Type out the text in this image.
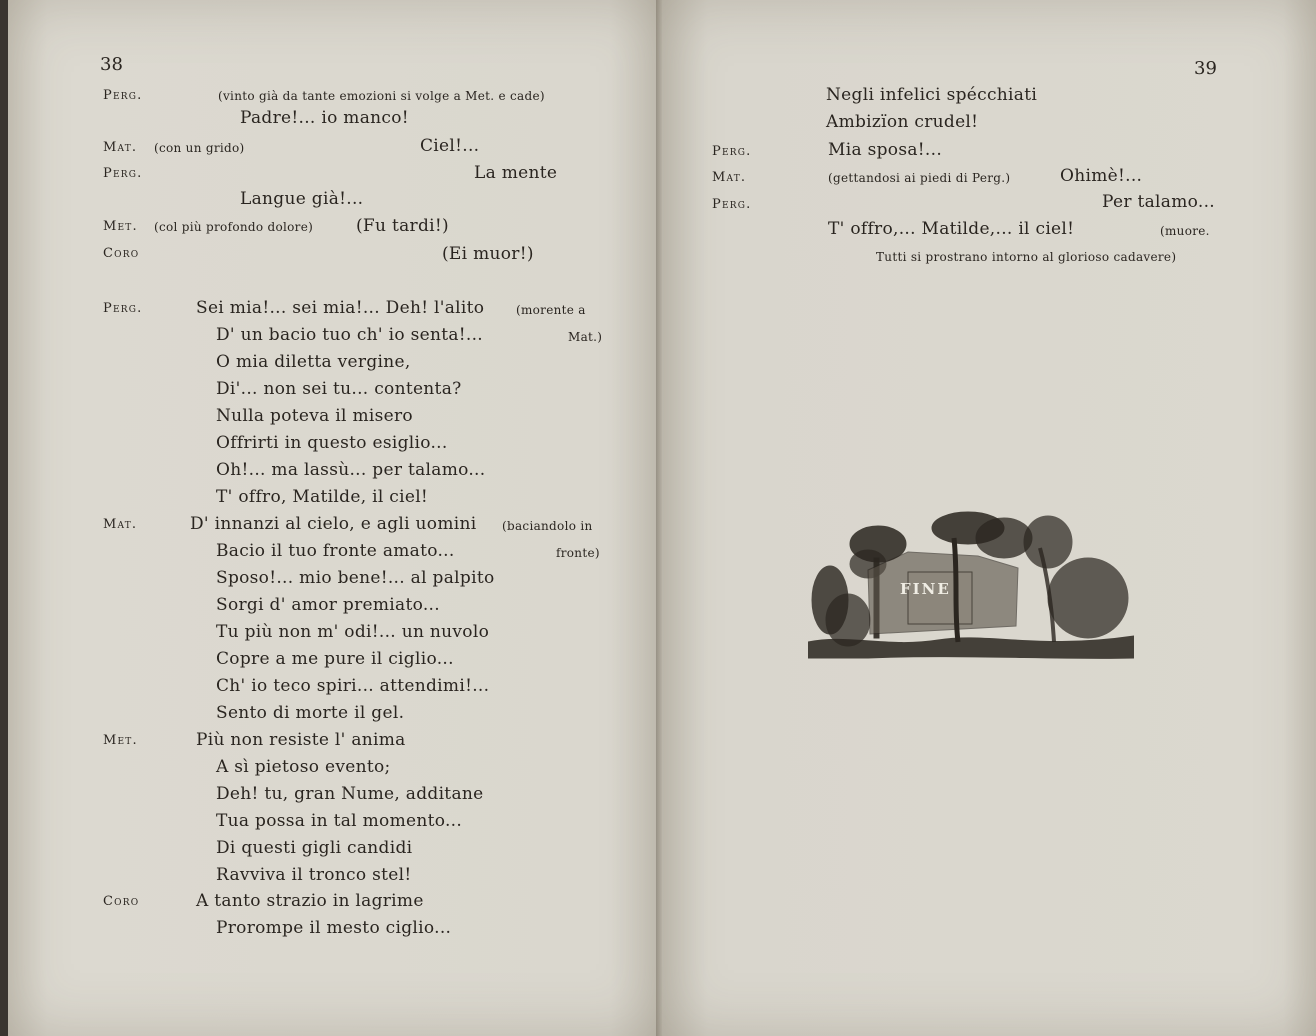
38
Perg.	(vinto già da tante emozioni si volge a Met. e cade)
Padre!... io manco!
Mat. (con un grido)	Ciel!...
Perg.	La mente
Langue già!...
Met. (col più profondo dolore)	(Fu tardi!)
Coro	(Ei muor!)
Perg.	Sei mia!... sei mia!... Deh! l'alito	(morente a
D' un bacio tuo ch' io senta!...	Mat.)
O mia diletta vergine,
Di'... non sei tu... contenta?
Nulla poteva il misero
Offrirti in questo esiglio...
Oh!... ma lassù... per talamo...
T' offro, Matilde, il ciel!
Mat.	D' innanzi al cielo, e agli uomini (baciandolo in
Bacio il tuo fronte amato...	fronte)
Sposo!... mio bene!... al palpito
Sorgi d' amor premiato...
Tu più non m' odi!... un nuvolo
Copre a me pure il ciglio...
Ch' io teco spiri... attendimi!...
Sento di morte il gel.
Met.	Più non resiste l' anima
A sì pietoso evento;
Deh! tu, gran Nume, additane
Tua possa in tal momento...
Di questi gigli candidi
Ravviva il tronco stel!
Coro	A tanto strazio in lagrime
Prorompe il mesto ciglio...
39
Negli infelici spécchiati
Ambizïon crudel!
Perg.	Mia sposa!...
Mat.	(gettandosi ai piedi di Perg.)	Ohimè!...
Perg.	Per talamo...
T' offro,... Matilde,... il ciel!	(muore.
Tutti si prostrano intorno al glorioso cadavere)
FINE
